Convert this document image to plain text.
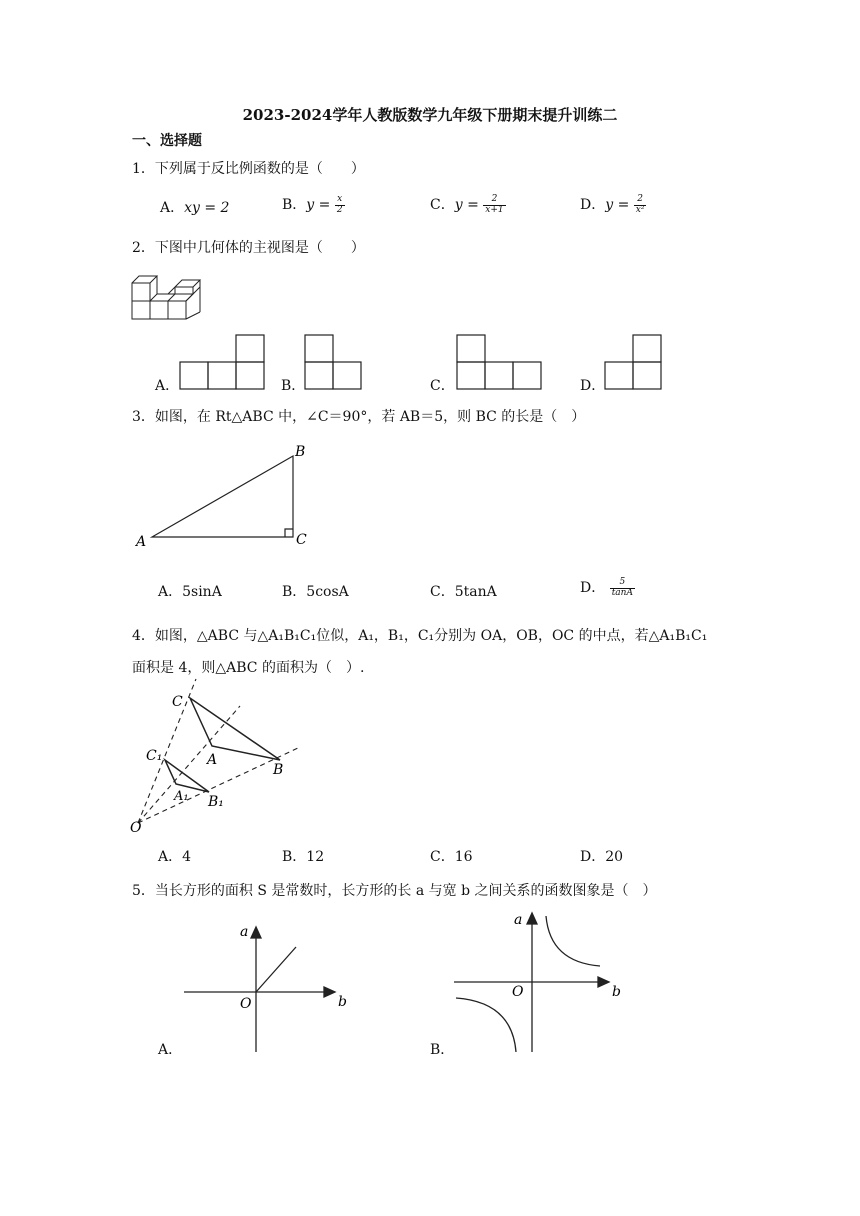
2023-2024学年人教版数学九年级下册期末提升训练二
一、选择题
1．下列属于反比例函数的是（　　）
A．xy = 2	B．$y = \frac{x}{2}$	C．$y = \frac{2}{x+1}$	D．$y = \frac{2}{\text{x²}}$
2．下图中几何体的主视图是（　　）
A．	B．	C．	D．
3．如图，在 Rt△ABC 中，∠C＝90°，若 AB＝5，则 BC 的长是（　）
A
B
C
A．5sinA	B．5cosA	C．5tanA	D． $\frac{5}{\tan A}$
4．如图，△ABC 与△A₁B₁C₁位似，A₁，B₁，C₁分别为 OA，OB，OC 的中点，若△A₁B₁C₁
面积是 4，则△ABC 的面积为（　）.
O
C
A
B
C₁
A₁ B₁
A．4	B．12	C．16	D．20
5．当长方形的面积 S 是常数时，长方形的长 a 与宽 b 之间关系的函数图象是（　）
O	b
a
A．
O	b
a
B．
